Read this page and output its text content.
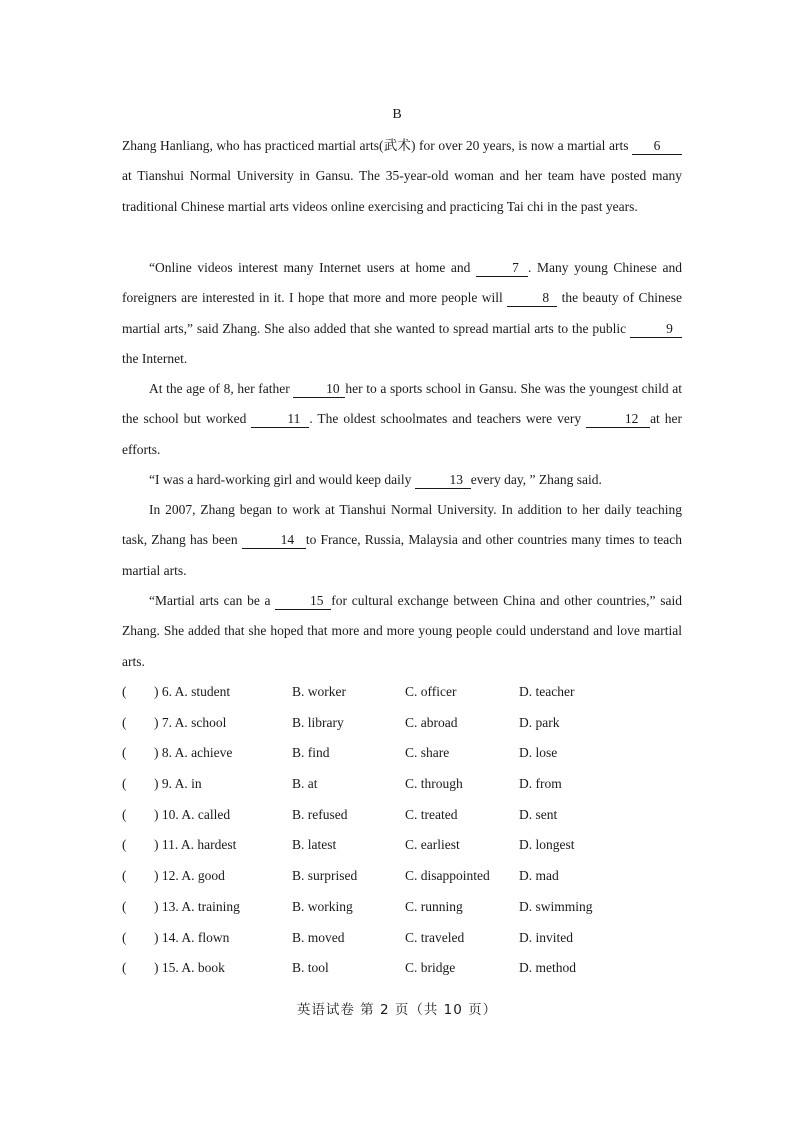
B
Zhang Hanliang, who has practiced martial arts(武术) for over 20 years, is now a martial arts 6at Tianshui Normal University in Gansu. The 35-year-old woman and her team have posted many traditional Chinese martial arts videos online exercising and practicing Tai chi in the past years.
“Online videos interest many Internet users at home and	7 . Many young Chinese and foreigners are interested in it. I hope that more and more people will	8 the beauty of Chinese martial arts,” said Zhang. She also added that she wanted to spread martial arts to the public	9 the Internet.
At the age of 8, her father 10 her to a sports school in Gansu. She was the youngest child at the school but worked	11 . The oldest schoolmates and teachers were very	12 at her efforts.
“I was a hard-working girl and would keep daily	13 every day, ” Zhang said.
In 2007, Zhang began to work at Tianshui Normal University. In addition to her daily teaching task, Zhang has been	14 to France, Russia, Malaysia and other countries many times to teach martial arts.
“Martial arts can be a	15 for cultural exchange between China and other countries,” said Zhang. She added that she hoped that more and more young people could understand and love martial arts.
( ) 6. A. student	B. worker	C. officer	D. teacher
( ) 7. A. school	B. library	C. abroad	D. park
( ) 8. A. achieve	B. find	C. share	D. lose
( ) 9. A. in	B. at	C. through	D. from
( ) 10. A. called	B. refused	C. treated	D. sent
( ) 11. A. hardest	B. latest	C. earliest	D. longest
( ) 12. A. good	B. surprised	C. disappointed D. mad
( ) 13. A. training	B. working	C. running	D. swimming
( ) 14. A. flown	B. moved	C. traveled	D. invited
( ) 15. A. book	B. tool	C. bridge	D. method
英语试卷 第 2 页（共 10 页）
